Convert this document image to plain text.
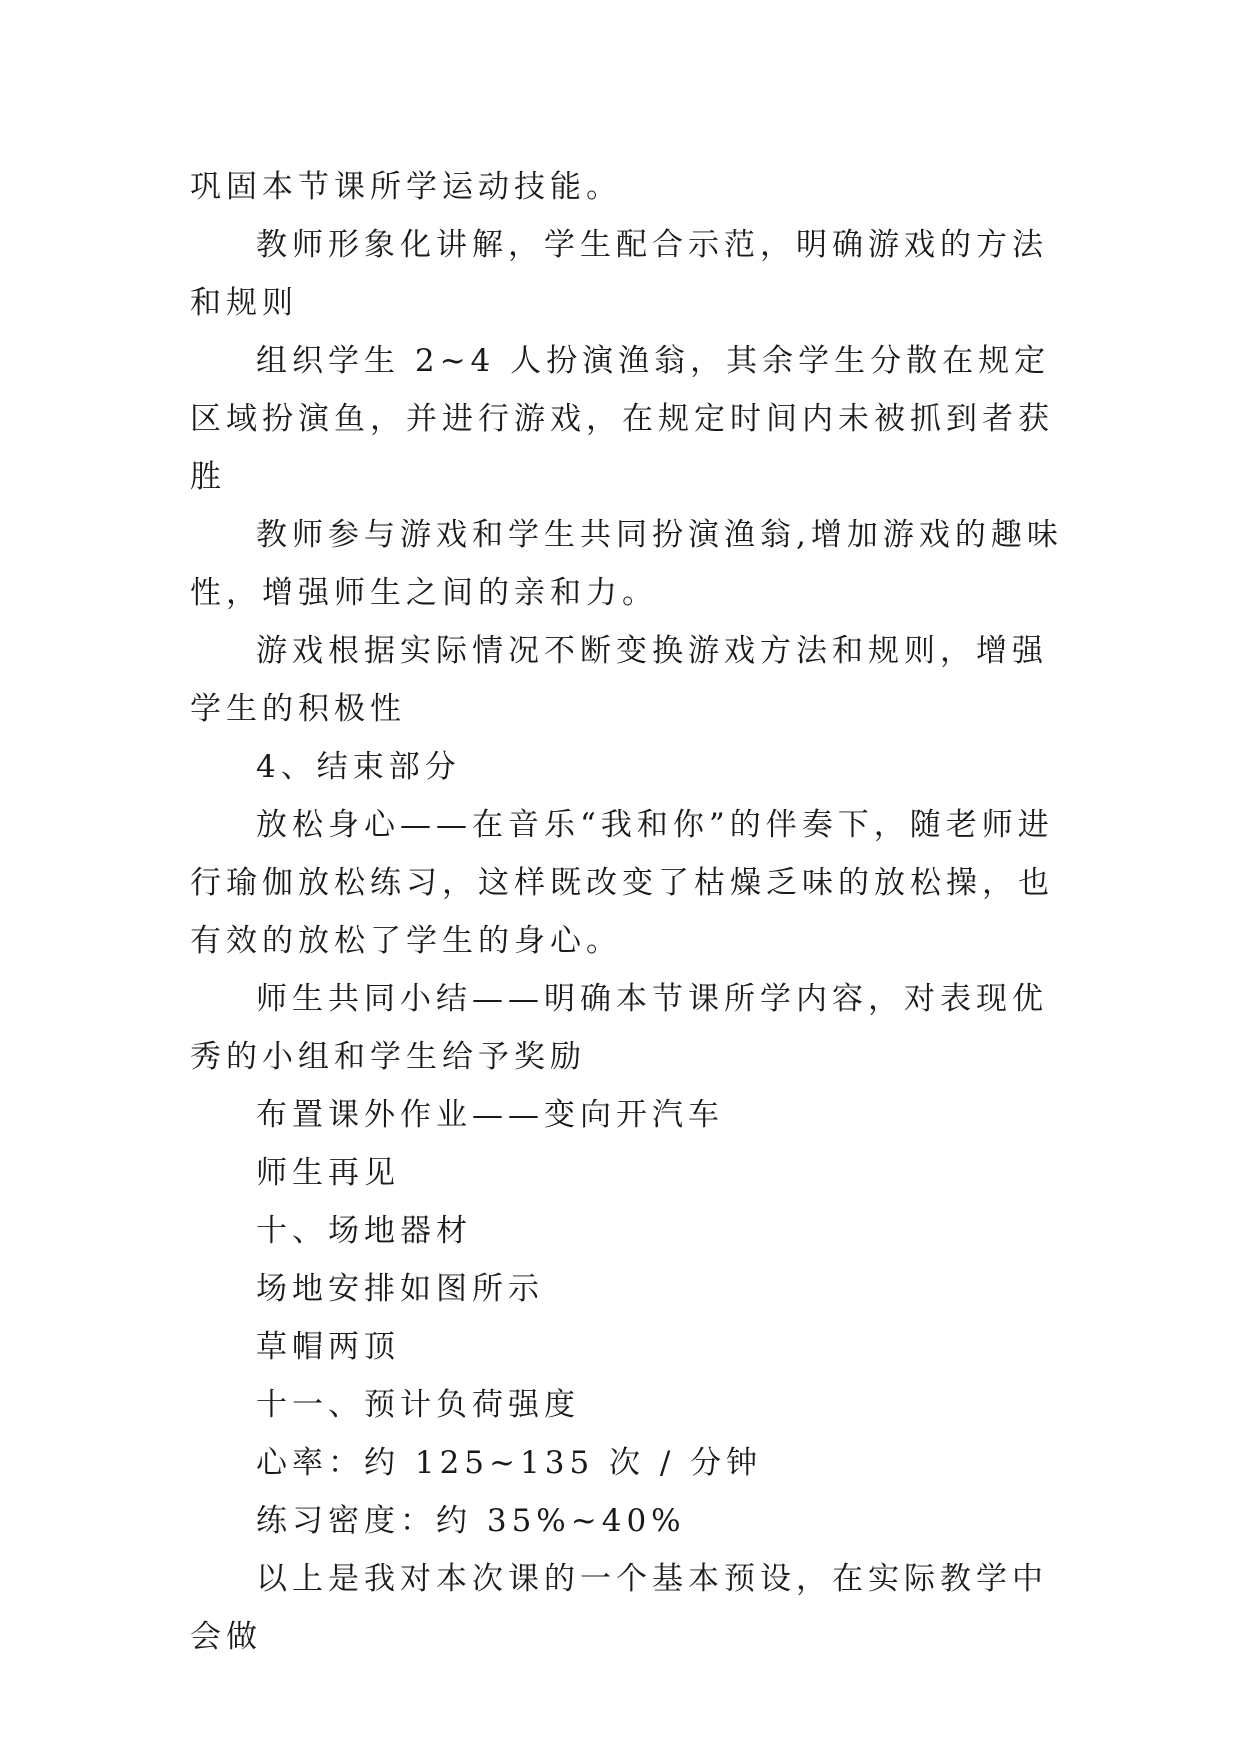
巩固本节课所学运动技能。

教师形象化讲解，学生配合示范，明确游戏的方法和规则

组织学生 2~4 人扮演渔翁，其余学生分散在规定区域扮演鱼，并进行游戏，在规定时间内未被抓到者获胜

教师参与游戏和学生共同扮演渔翁,增加游戏的趣味性，增强师生之间的亲和力。

游戏根据实际情况不断变换游戏方法和规则，增强学生的积极性

4、结束部分

放松身心——在音乐“我和你”的伴奏下，随老师进行瑜伽放松练习，这样既改变了枯燥乏味的放松操，也有效的放松了学生的身心。

师生共同小结——明确本节课所学内容，对表现优秀的小组和学生给予奖励

布置课外作业——变向开汽车

师生再见

十、场地器材

场地安排如图所示

草帽两顶

十一、预计负荷强度

心率：约 125~135 次 / 分钟

练习密度：约 35%~40%

以上是我对本次课的一个基本预设，在实际教学中会做
